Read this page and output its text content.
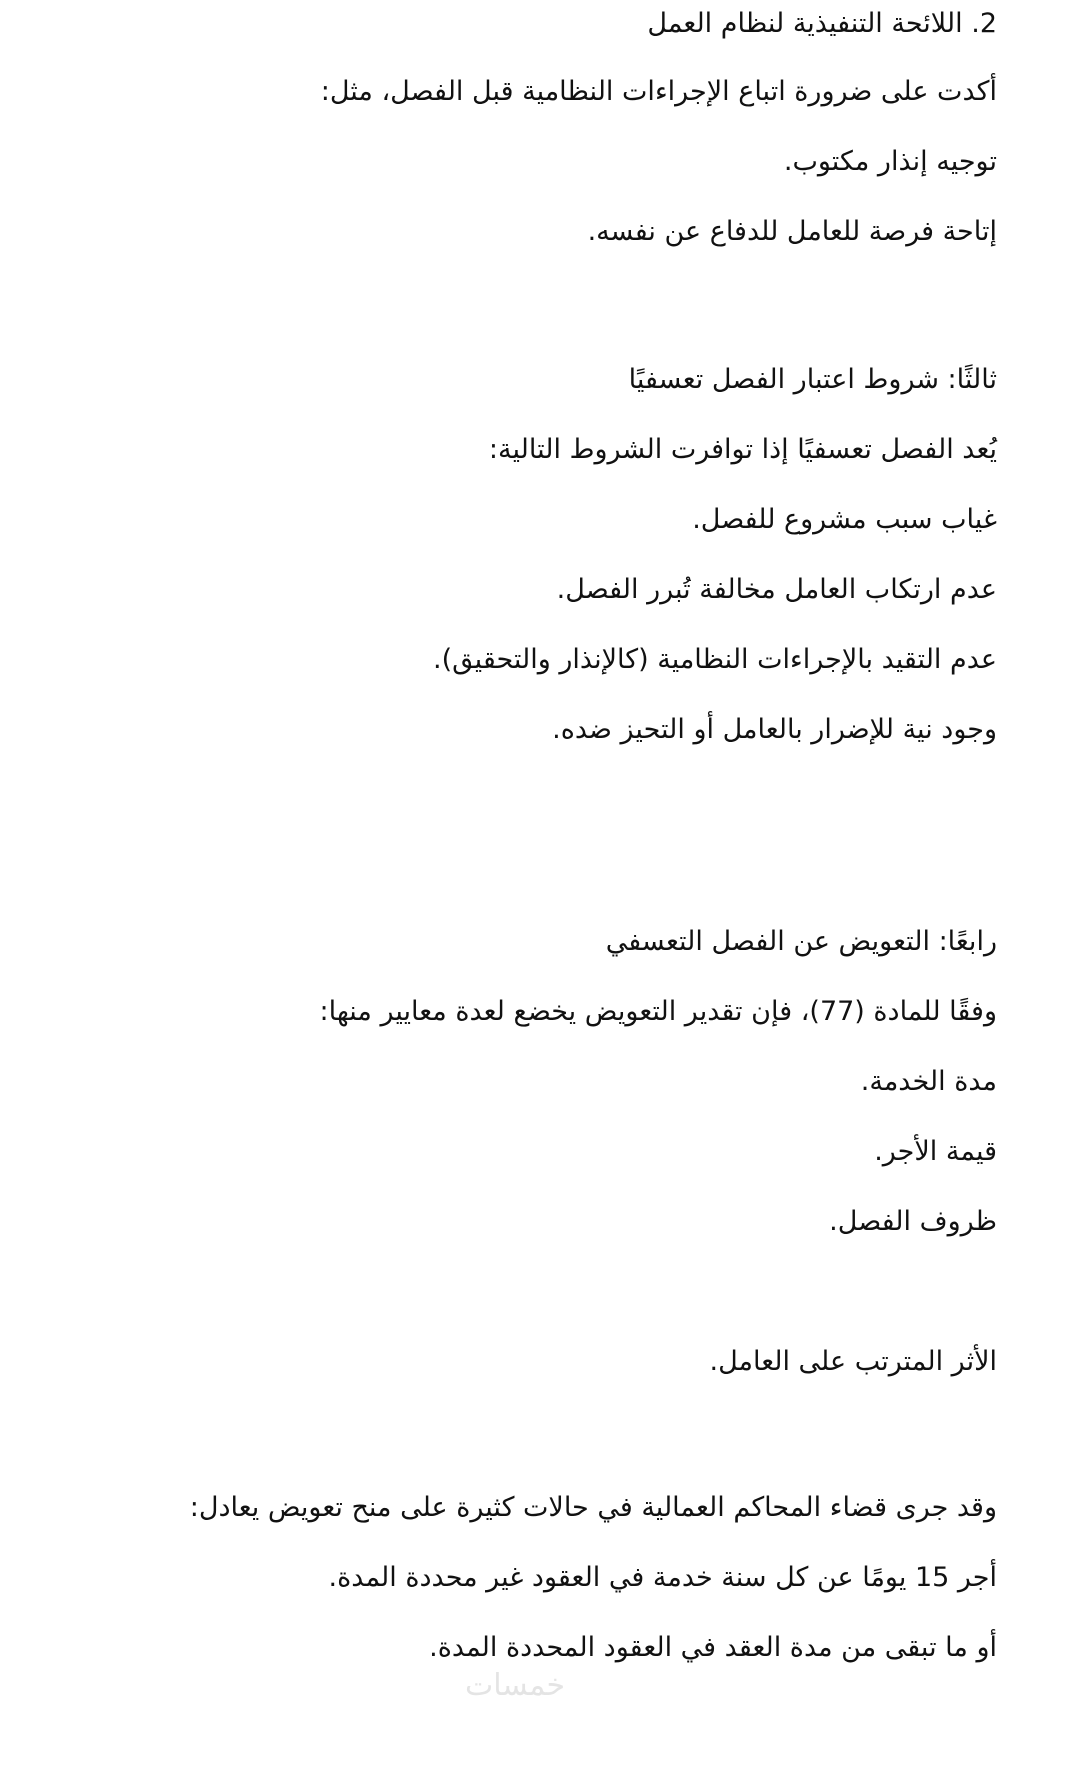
2. اللائحة التنفيذية لنظام العمل
أكدت على ضرورة اتباع الإجراءات النظامية قبل الفصل، مثل:
توجيه إنذار مكتوب.
إتاحة فرصة للعامل للدفاع عن نفسه.
ثالثًا: شروط اعتبار الفصل تعسفيًا
يُعد الفصل تعسفيًا إذا توافرت الشروط التالية:
غياب سبب مشروع للفصل.
عدم ارتكاب العامل مخالفة تُبرر الفصل.
عدم التقيد بالإجراءات النظامية (كالإنذار والتحقيق).
وجود نية للإضرار بالعامل أو التحيز ضده.
رابعًا: التعويض عن الفصل التعسفي
وفقًا للمادة (77)، فإن تقدير التعويض يخضع لعدة معايير منها:
مدة الخدمة.
قيمة الأجر.
ظروف الفصل.
الأثر المترتب على العامل.
وقد جرى قضاء المحاكم العمالية في حالات كثيرة على منح تعويض يعادل:
أجر 15 يومًا عن كل سنة خدمة في العقود غير محددة المدة.
أو ما تبقى من مدة العقد في العقود المحددة المدة.
خمسات
